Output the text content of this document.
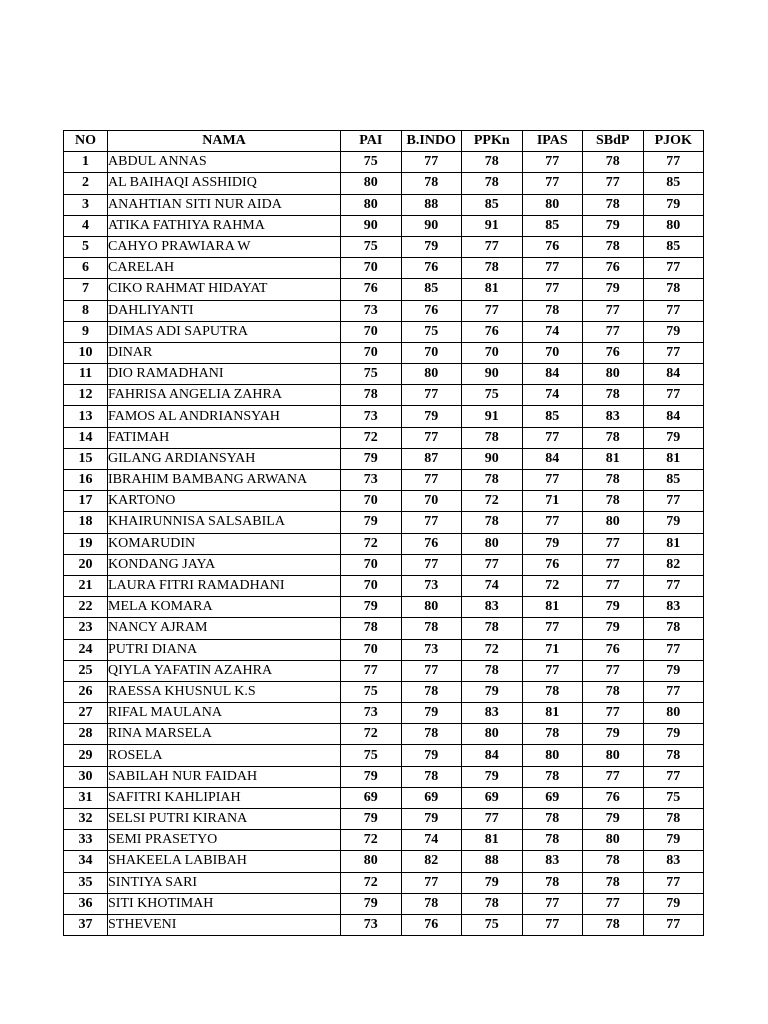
NO	NAMA	PAI	B.INDO	PPKn	IPAS	SBdP	PJOK
1	ABDUL ANNAS	75	77	78	77	78	77
2	AL BAIHAQI ASSHIDIQ	80	78	78	77	77	85
3	ANAHTIAN SITI NUR AIDA	80	88	85	80	78	79
4	ATIKA FATHIYA RAHMA	90	90	91	85	79	80
5	CAHYO PRAWIARA W	75	79	77	76	78	85
6	CARELAH	70	76	78	77	76	77
7	CIKO RAHMAT HIDAYAT	76	85	81	77	79	78
8	DAHLIYANTI	73	76	77	78	77	77
9	DIMAS ADI SAPUTRA	70	75	76	74	77	79
10	DINAR	70	70	70	70	76	77
11	DIO RAMADHANI	75	80	90	84	80	84
12	FAHRISA ANGELIA ZAHRA	78	77	75	74	78	77
13	FAMOS AL ANDRIANSYAH	73	79	91	85	83	84
14	FATIMAH	72	77	78	77	78	79
15	GILANG ARDIANSYAH	79	87	90	84	81	81
16	IBRAHIM BAMBANG ARWANA	73	77	78	77	78	85
17	KARTONO	70	70	72	71	78	77
18	KHAIRUNNISA SALSABILA	79	77	78	77	80	79
19	KOMARUDIN	72	76	80	79	77	81
20	KONDANG JAYA	70	77	77	76	77	82
21	LAURA FITRI RAMADHANI	70	73	74	72	77	77
22	MELA KOMARA	79	80	83	81	79	83
23	NANCY AJRAM	78	78	78	77	79	78
24	PUTRI DIANA	70	73	72	71	76	77
25	QIYLA YAFATIN AZAHRA	77	77	78	77	77	79
26	RAESSA KHUSNUL K.S	75	78	79	78	78	77
27	RIFAL MAULANA	73	79	83	81	77	80
28	RINA MARSELA	72	78	80	78	79	79
29	ROSELA	75	79	84	80	80	78
30	SABILAH NUR FAIDAH	79	78	79	78	77	77
31	SAFITRI KAHLIPIAH	69	69	69	69	76	75
32	SELSI PUTRI KIRANA	79	79	77	78	79	78
33	SEMI PRASETYO	72	74	81	78	80	79
34	SHAKEELA LABIBAH	80	82	88	83	78	83
35	SINTIYA SARI	72	77	79	78	78	77
36	SITI KHOTIMAH	79	78	78	77	77	79
37	STHEVENI	73	76	75	77	78	77
